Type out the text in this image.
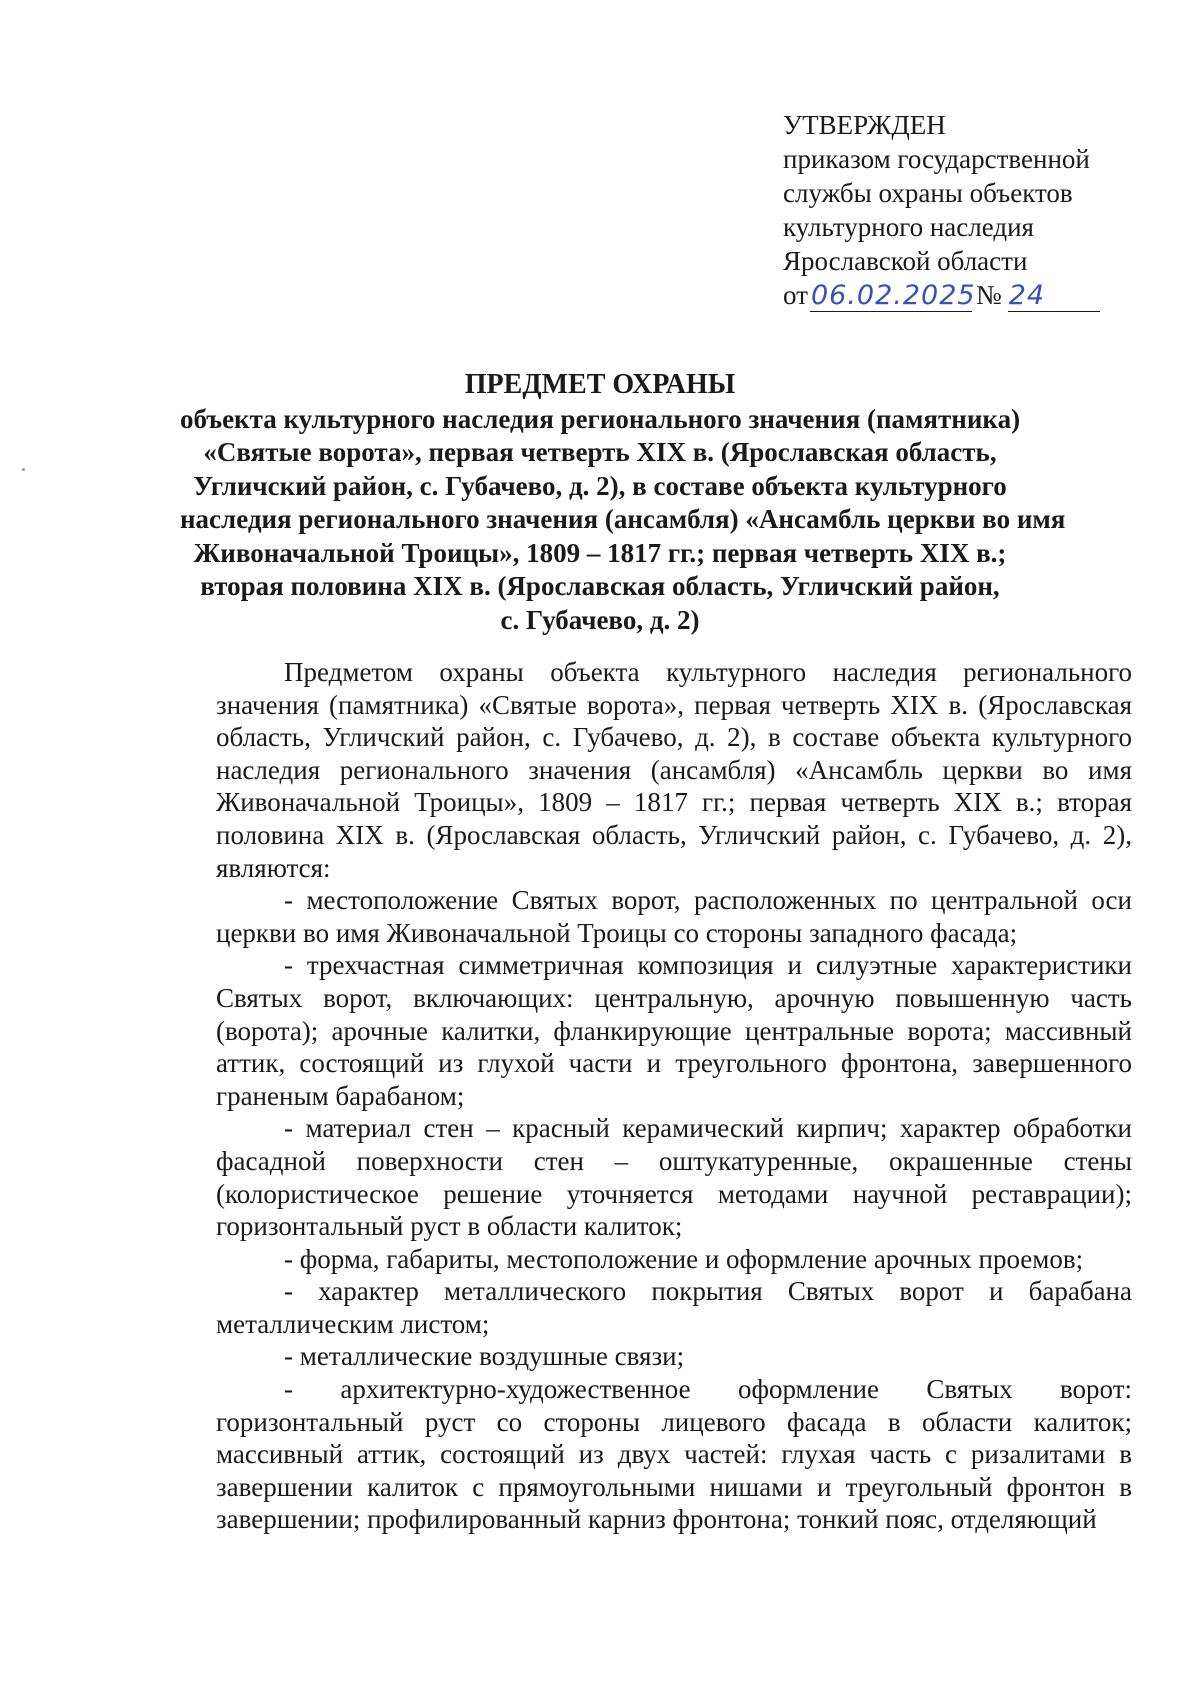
УТВЕРЖДЕН
приказом государственной
службы охраны объектов
культурного наследия
Ярославской области
от 06.02.2025 № 24
ПРЕДМЕТ ОХРАНЫ
объекта культурного наследия регионального значения (памятника)
«Святые ворота», первая четверть XIX в. (Ярославская область,
Угличский район, с. Губачево, д. 2), в составе объекта культурного
наследия регионального значения (ансамбля) «Ансамбль церкви во имя
Живоначальной Троицы», 1809 – 1817 гг.; первая четверть XIX в.;
вторая половина XIX в. (Ярославская область, Угличский район,
с. Губачево, д. 2)

Предметом охраны объекта культурного наследия регионального значения (памятника) «Святые ворота», первая четверть XIX в. (Ярославская область, Угличский район, с. Губачево, д. 2), в составе объекта культурного наследия регионального значения (ансамбля) «Ансамбль церкви во имя Живоначальной Троицы», 1809 – 1817 гг.; первая четверть XIX в.; вторая половина XIX в. (Ярославская область, Угличский район, с. Губачево, д. 2), являются:

- местоположение Святых ворот, расположенных по центральной оси церкви во имя Живоначальной Троицы со стороны западного фасада;

- трехчастная симметричная композиция и силуэтные характеристики Святых ворот, включающих: центральную, арочную повышенную часть (ворота); арочные калитки, фланкирующие центральные ворота; массивный аттик, состоящий из глухой части и треугольного фронтона, завершенного граненым барабаном;

- материал стен – красный керамический кирпич; характер обработки фасадной поверхности стен – оштукатуренные, окрашенные стены (колористическое решение уточняется методами научной реставрации); горизонтальный руст в области калиток;

- форма, габариты, местоположение и оформление арочных проемов;

- характер металлического покрытия Святых ворот и барабана металлическим листом;

- металлические воздушные связи;

- архитектурно-художественное оформление Святых ворот: горизонтальный руст со стороны лицевого фасада в области калиток; массивный аттик, состоящий из двух частей: глухая часть с ризалитами в завершении калиток с прямоугольными нишами и треугольный фронтон в завершении; профилированный карниз фронтона; тонкий пояс, отделяющий
